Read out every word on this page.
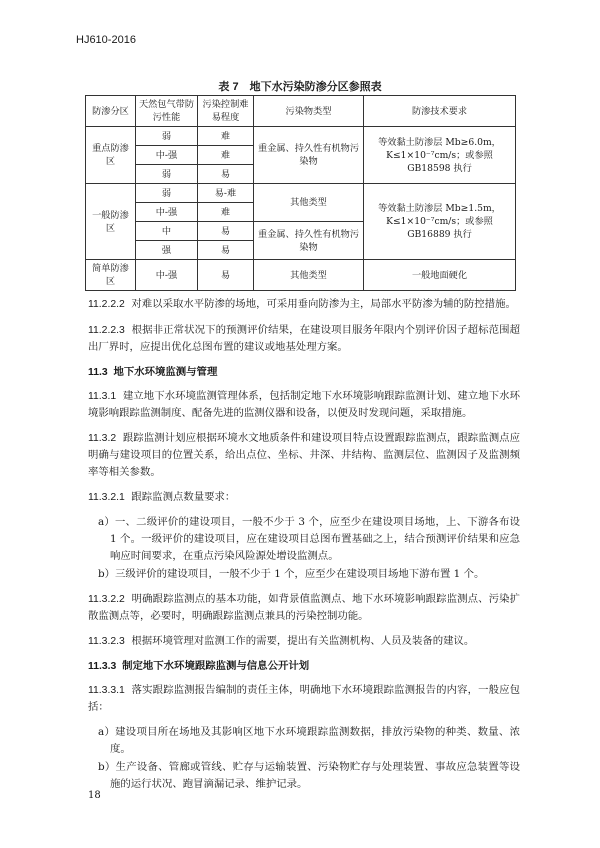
HJ610-2016
表 7　地下水污染防渗分区参照表
防渗分区	天然包气带防污性能	污染控制难易程度	污染物类型	防渗技术要求
重点防渗区	弱	难	重金属、持久性有机物污染物	等效黏土防渗层 Mb≥6.0m，K≤1×10⁻⁷cm/s；或参照 GB18598 执行
	中-强	难		
	弱	易		
一般防渗区	弱	易-难	其他类型	等效黏土防渗层 Mb≥1.5m，K≤1×10⁻⁷cm/s；或参照 GB16889 执行
	中-强	难		
	中	易	重金属、持久性有机物污染物	
	强	易		
简单防渗区	中-强	易	其他类型	一般地面硬化

11.2.2.2 对难以采取水平防渗的场地，可采用垂向防渗为主，局部水平防渗为辅的防控措施。

11.2.2.3 根据非正常状况下的预测评价结果，在建设项目服务年限内个别评价因子超标范围超出厂界时，应提出优化总图布置的建议或地基处理方案。

11.3 地下水环境监测与管理

11.3.1 建立地下水环境监测管理体系，包括制定地下水环境影响跟踪监测计划、建立地下水环境影响跟踪监测制度、配备先进的监测仪器和设备，以便及时发现问题，采取措施。

11.3.2 跟踪监测计划应根据环境水文地质条件和建设项目特点设置跟踪监测点，跟踪监测点应明确与建设项目的位置关系，给出点位、坐标、井深、井结构、监测层位、监测因子及监测频率等相关参数。

11.3.2.1 跟踪监测点数量要求：

a）一、二级评价的建设项目，一般不少于 3 个，应至少在建设项目场地，上、下游各布设 1 个。一级评价的建设项目，应在建设项目总图布置基础之上，结合预测评价结果和应急响应时间要求，在重点污染风险源处增设监测点。

b）三级评价的建设项目，一般不少于 1 个，应至少在建设项目场地下游布置 1 个。

11.3.2.2 明确跟踪监测点的基本功能，如背景值监测点、地下水环境影响跟踪监测点、污染扩散监测点等，必要时，明确跟踪监测点兼具的污染控制功能。

11.3.2.3 根据环境管理对监测工作的需要，提出有关监测机构、人员及装备的建议。

11.3.3 制定地下水环境跟踪监测与信息公开计划

11.3.3.1 落实跟踪监测报告编制的责任主体，明确地下水环境跟踪监测报告的内容，一般应包括：

a）建设项目所在场地及其影响区地下水环境跟踪监测数据，排放污染物的种类、数量、浓度。

b）生产设备、管廊或管线、贮存与运输装置、污染物贮存与处理装置、事故应急装置等设施的运行状况、跑冒滴漏记录、维护记录。

18
